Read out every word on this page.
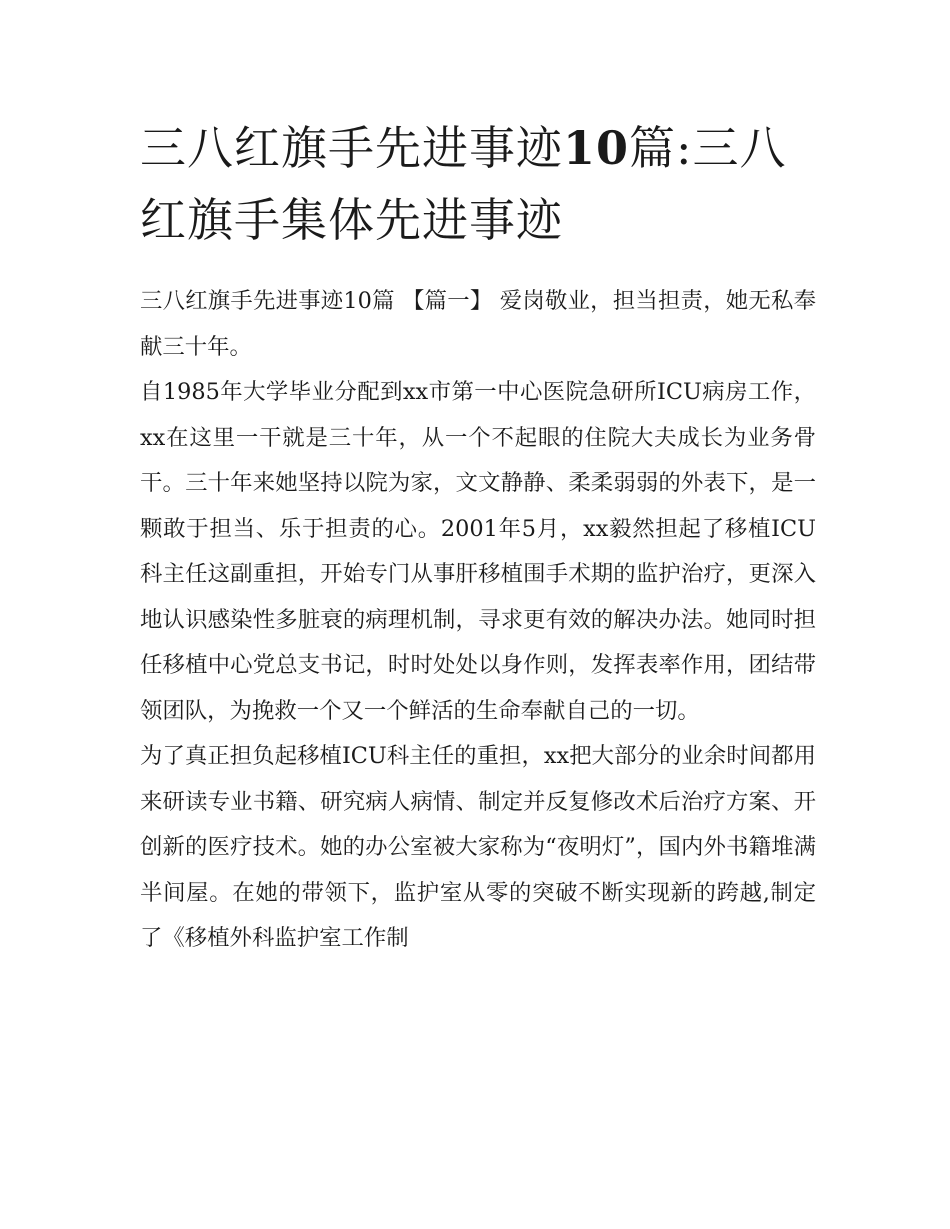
三八红旗手先进事迹10篇:三八红旗手集体先进事迹

三八红旗手先进事迹10篇 【篇一】 爱岗敬业，担当担责，她无私奉献三十年。

自1985年大学毕业分配到xx市第一中心医院急研所ICU病房工作，xx在这里一干就是三十年，从一个不起眼的住院大夫成长为业务骨干。三十年来她坚持以院为家，文文静静、柔柔弱弱的外表下，是一颗敢于担当、乐于担责的心。2001年5月，xx毅然担起了移植ICU科主任这副重担，开始专门从事肝移植围手术期的监护治疗，更深入地认识感染性多脏衰的病理机制，寻求更有效的解决办法。她同时担任移植中心党总支书记，时时处处以身作则，发挥表率作用，团结带领团队，为挽救一个又一个鲜活的生命奉献自己的一切。

为了真正担负起移植ICU科主任的重担，xx把大部分的业余时间都用来研读专业书籍、研究病人病情、制定并反复修改术后治疗方案、开创新的医疗技术。她的办公室被大家称为“夜明灯”，国内外书籍堆满半间屋。在她的带领下，监护室从零的突破不断实现新的跨越,制定了《移植外科监护室工作制
